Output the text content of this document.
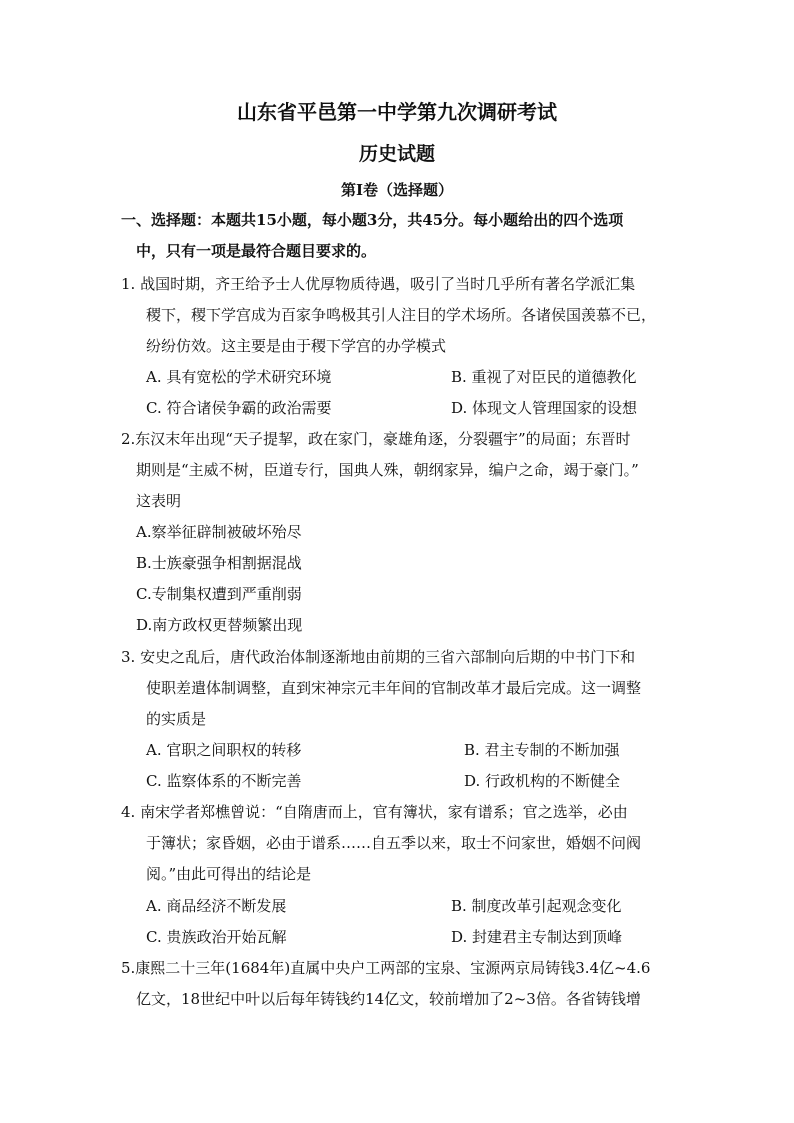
山东省平邑第一中学第九次调研考试
历史试题
第Ⅰ卷（选择题）
一、选择题：本题共15小题，每小题3分，共45分。每小题给出的四个选项
中，只有一项是最符合题目要求的。
1. 战国时期，齐王给予士人优厚物质待遇，吸引了当时几乎所有著名学派汇集
稷下，稷下学宫成为百家争鸣极其引人注目的学术场所。各诸侯国羡慕不已，
纷纷仿效。这主要是由于稷下学宫的办学模式
A. 具有宽松的学术研究环境	B. 重视了对臣民的道德教化
C. 符合诸侯争霸的政治需要	D. 体现文人管理国家的设想
2.东汉末年出现“天子提挈，政在家门，豪雄角逐，分裂疆宇”的局面；东晋时
期则是“主威不树，臣道专行，国典人殊，朝纲家异，编户之命，竭于豪门。”
这表明
A.察举征辟制被破坏殆尽
B.士族豪强争相割据混战
C.专制集权遭到严重削弱
D.南方政权更替频繁出现
3. 安史之乱后，唐代政治体制逐渐地由前期的三省六部制向后期的中书门下和
使职差遣体制调整，直到宋神宗元丰年间的官制改革才最后完成。这一调整
的实质是
A. 官职之间职权的转移	B. 君主专制的不断加强
C. 监察体系的不断完善	D. 行政机构的不断健全
4. 南宋学者郑樵曾说：“自隋唐而上，官有簿状，家有谱系；官之选举，必由
于簿状；家昏姻，必由于谱系……自五季以来，取士不问家世，婚姻不问阀
阅。”由此可得出的结论是
A. 商品经济不断发展	B. 制度改革引起观念变化
C. 贵族政治开始瓦解	D. 封建君主专制达到顶峰
5.康熙二十三年(1684年)直属中央户工两部的宝泉、宝源两京局铸钱3.4亿~4.6
亿文，18世纪中叶以后每年铸钱约14亿文，较前增加了2~3倍。各省铸钱增
